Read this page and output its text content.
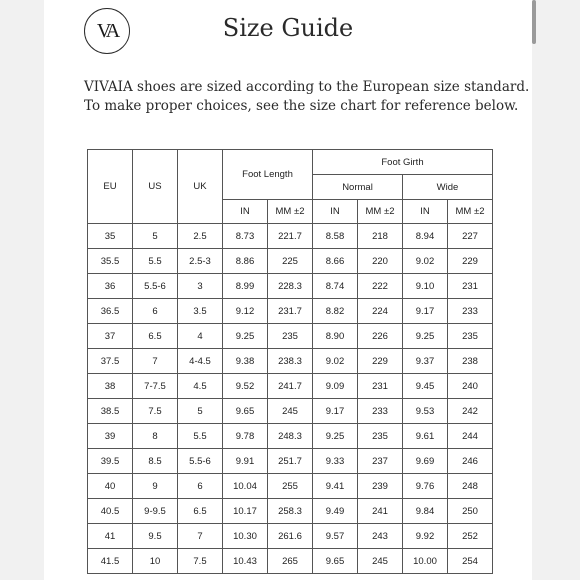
VA	Size Guide

VIVAIA shoes are sized according to the European size standard.

To make proper choices, see the size chart for reference below.

EU	US	UK	Foot Length		Foot Girth			
					Normal		Wide	
			IN	MM ±2	IN	MM ±2	IN	MM ±2
35	5	2.5	8.73	221.7	8.58	218	8.94	227
35.5	5.5	2.5-3	8.86	225	8.66	220	9.02	229
36	5.5-6	3	8.99	228.3	8.74	222	9.10	231
36.5	6	3.5	9.12	231.7	8.82	224	9.17	233
37	6.5	4	9.25	235	8.90	226	9.25	235
37.5	7	4-4.5	9.38	238.3	9.02	229	9.37	238
38	7-7.5	4.5	9.52	241.7	9.09	231	9.45	240
38.5	7.5	5	9.65	245	9.17	233	9.53	242
39	8	5.5	9.78	248.3	9.25	235	9.61	244
39.5	8.5	5.5-6	9.91	251.7	9.33	237	9.69	246
40	9	6	10.04	255	9.41	239	9.76	248
40.5	9-9.5	6.5	10.17	258.3	9.49	241	9.84	250
41	9.5	7	10.30	261.6	9.57	243	9.92	252
41.5	10	7.5	10.43	265	9.65	245	10.00	254
